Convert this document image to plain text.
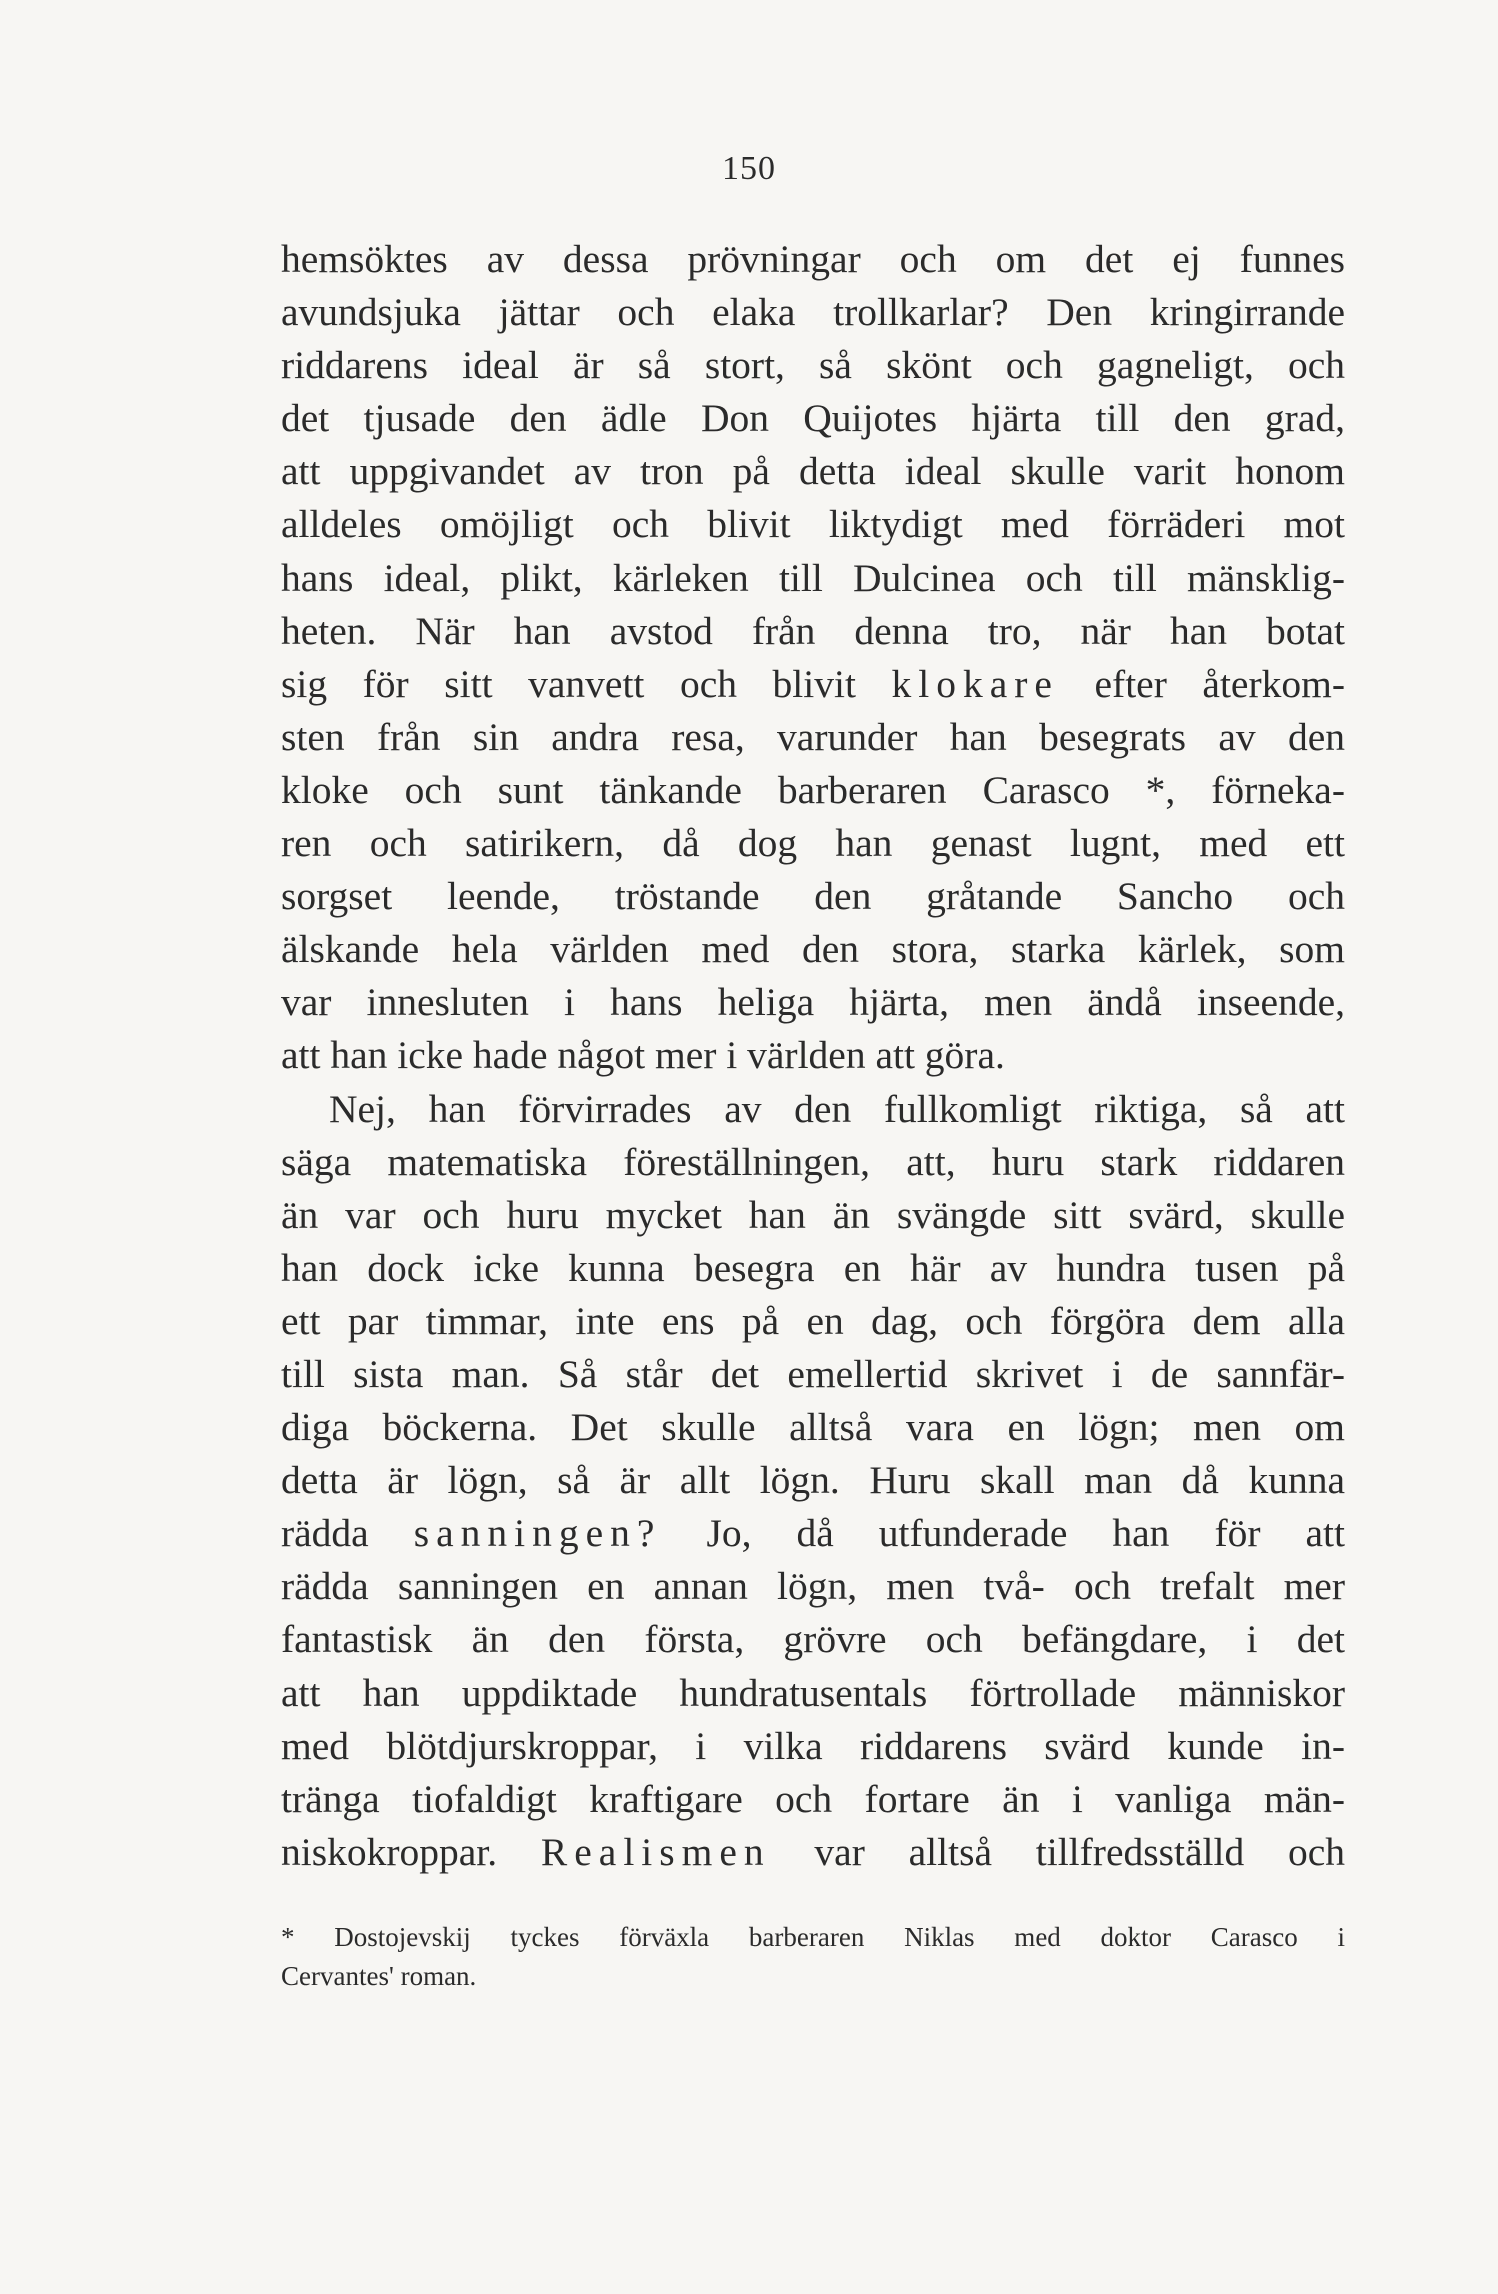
150
hemsöktes av dessa prövningar och om det ej funnes
avundsjuka jättar och elaka trollkarlar? Den kringirrande
riddarens ideal är så stort, så skönt och gagneligt, och
det tjusade den ädle Don Quijotes hjärta till den grad,
att uppgivandet av tron på detta ideal skulle varit honom
alldeles omöjligt och blivit liktydigt med förräderi mot
hans ideal, plikt, kärleken till Dulcinea och till mänsklig-
heten. När han avstod från denna tro, när han botat
sig för sitt vanvett och blivit klokare efter återkom-
sten från sin andra resa, varunder han besegrats av den
kloke och sunt tänkande barberaren Carasco *, förneka-
ren och satirikern, då dog han genast lugnt, med ett
sorgset leende, tröstande den gråtande Sancho och
älskande hela världen med den stora, starka kärlek, som
var innesluten i hans heliga hjärta, men ändå inseende,
att han icke hade något mer i världen att göra.
Nej, han förvirrades av den fullkomligt riktiga, så att
säga matematiska föreställningen, att, huru stark riddaren
än var och huru mycket han än svängde sitt svärd, skulle
han dock icke kunna besegra en här av hundra tusen på
ett par timmar, inte ens på en dag, och förgöra dem alla
till sista man. Så står det emellertid skrivet i de sannfär-
diga böckerna. Det skulle alltså vara en lögn; men om
detta är lögn, så är allt lögn. Huru skall man då kunna
rädda sanningen? Jo, då utfunderade han för att
rädda sanningen en annan lögn, men två- och trefalt mer
fantastisk än den första, grövre och befängdare, i det
att han uppdiktade hundratusentals förtrollade människor
med blötdjurskroppar, i vilka riddarens svärd kunde in-
tränga tiofaldigt kraftigare och fortare än i vanliga män-
niskokroppar. Realismen var alltså tillfredsställd och
* Dostojevskij tyckes förväxla barberaren Niklas med doktor Carasco i
Cervantes' roman.
